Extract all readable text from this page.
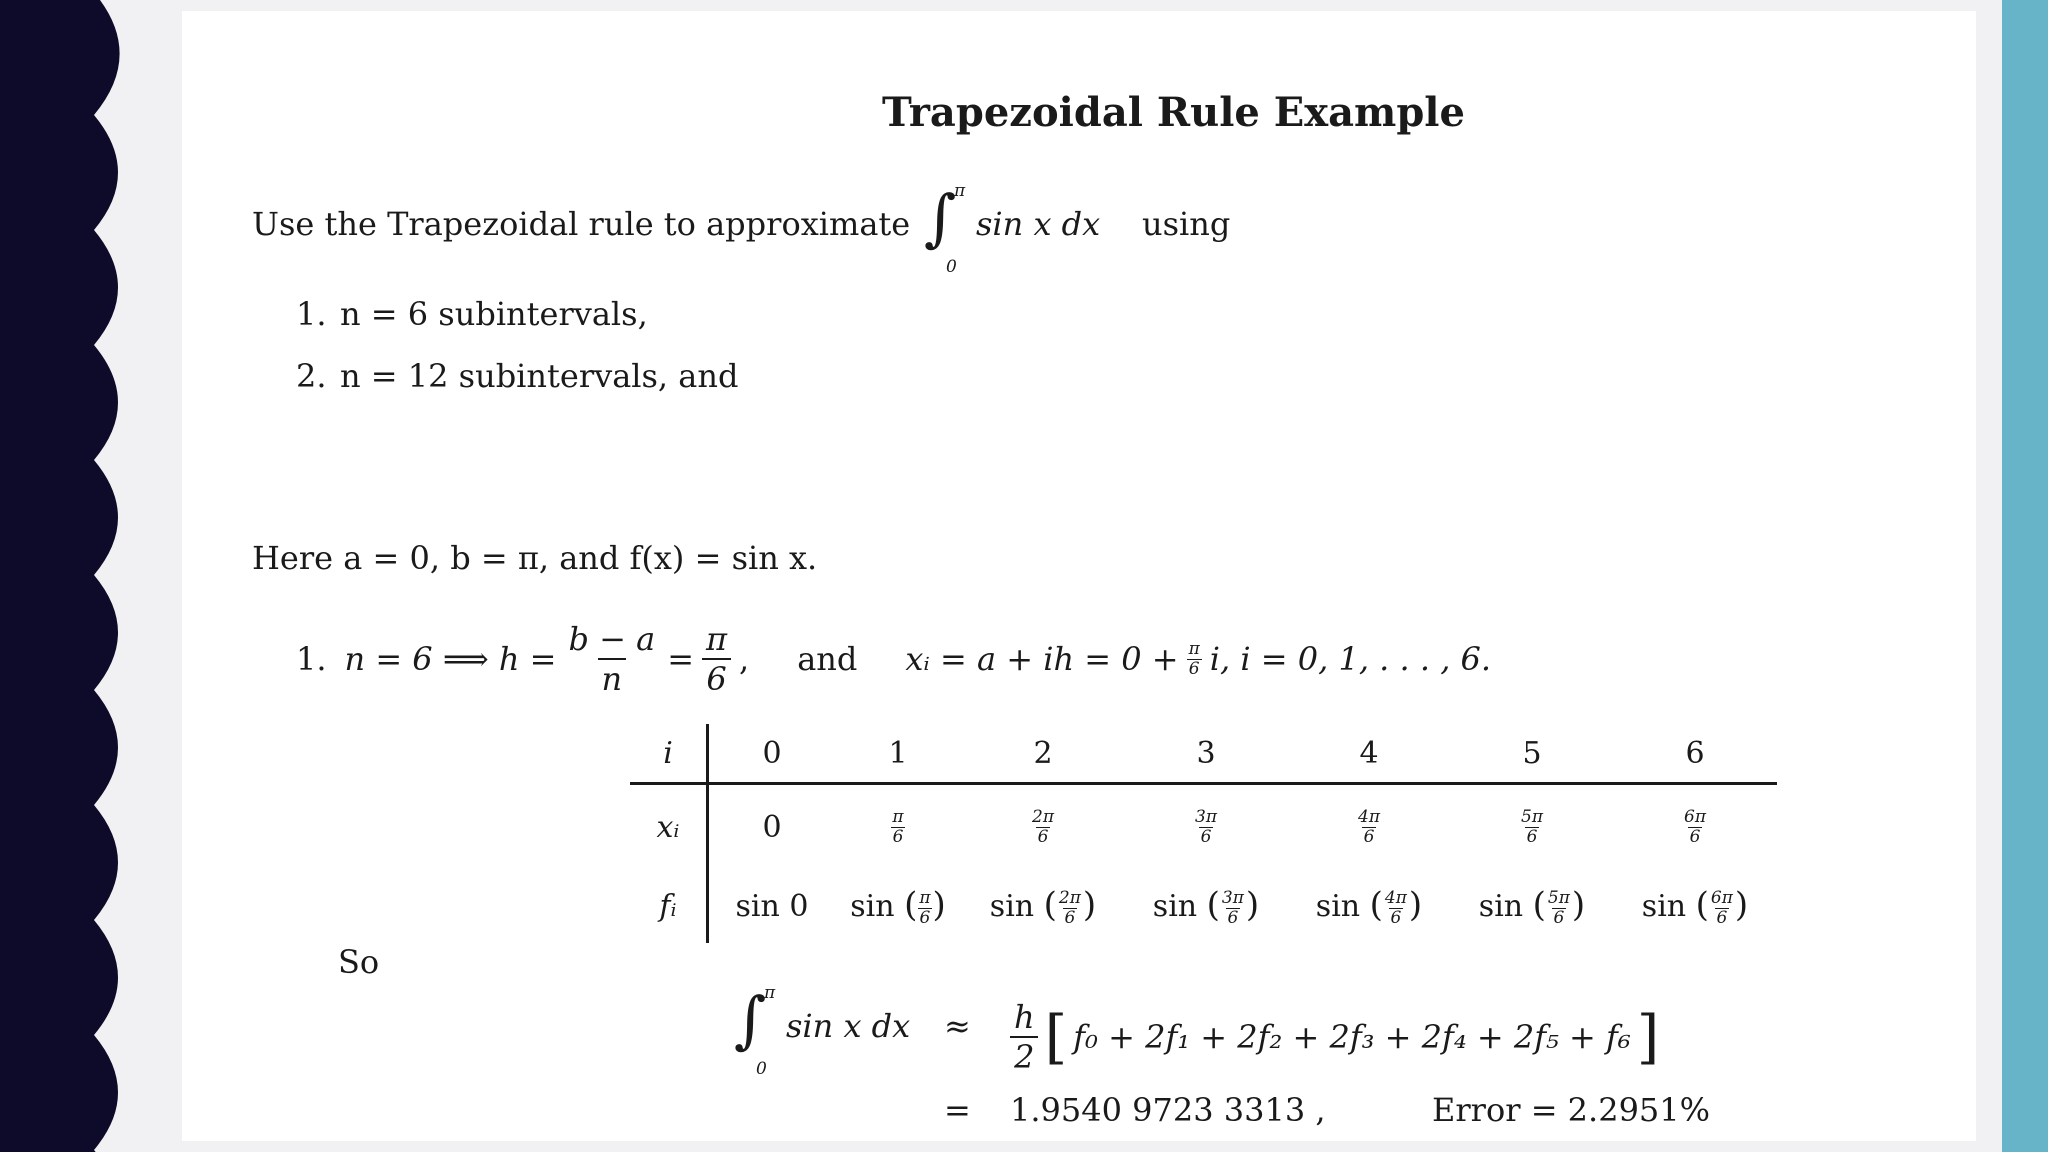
Trapezoidal Rule Example
Use the Trapezoidal rule to approximate ∫
π
0
sin x dx using
1. n = 6 subintervals,
2. n = 12 subintervals, and
Here a = 0, b = π, and f(x) = sin x.
1. n = 6 ⟹ $h = \frac{b - a}{n} = \frac{\pi}{6}$ , and xᵢ = a + ih = $0 + \frac{\pi}{6} i$, i = 0, 1, . . . , 6.
i	0	1	2	3	4	5	6
xᵢ	0	$\frac{\pi}{6}$	$\frac{2\pi}{6}$	$\frac{3\pi}{6}$	$\frac{4\pi}{6}$	$\frac{5\pi}{6}$	$\frac{6\pi}{6}$

fᵢ	sin 0	sin ( $\frac{\pi}{6}$ )	sin ( $\frac{2\pi}{6}$ )	sin ( $\frac{3\pi}{6}$ )	sin ( $\frac{4\pi}{6}$ )	sin ( $\frac{5\pi}{6}$ )	sin ( $\frac{6\pi}{6}$ )
So
∫
π
0
sin x dx ≈ $\frac{h}{2}$ [ f₀ + 2f₁ + 2f₂ + 2f₃ + 2f₄ + 2f₅ + f₆ ]
= 1.9540 9723 3313 ,	Error = 2.2951%
